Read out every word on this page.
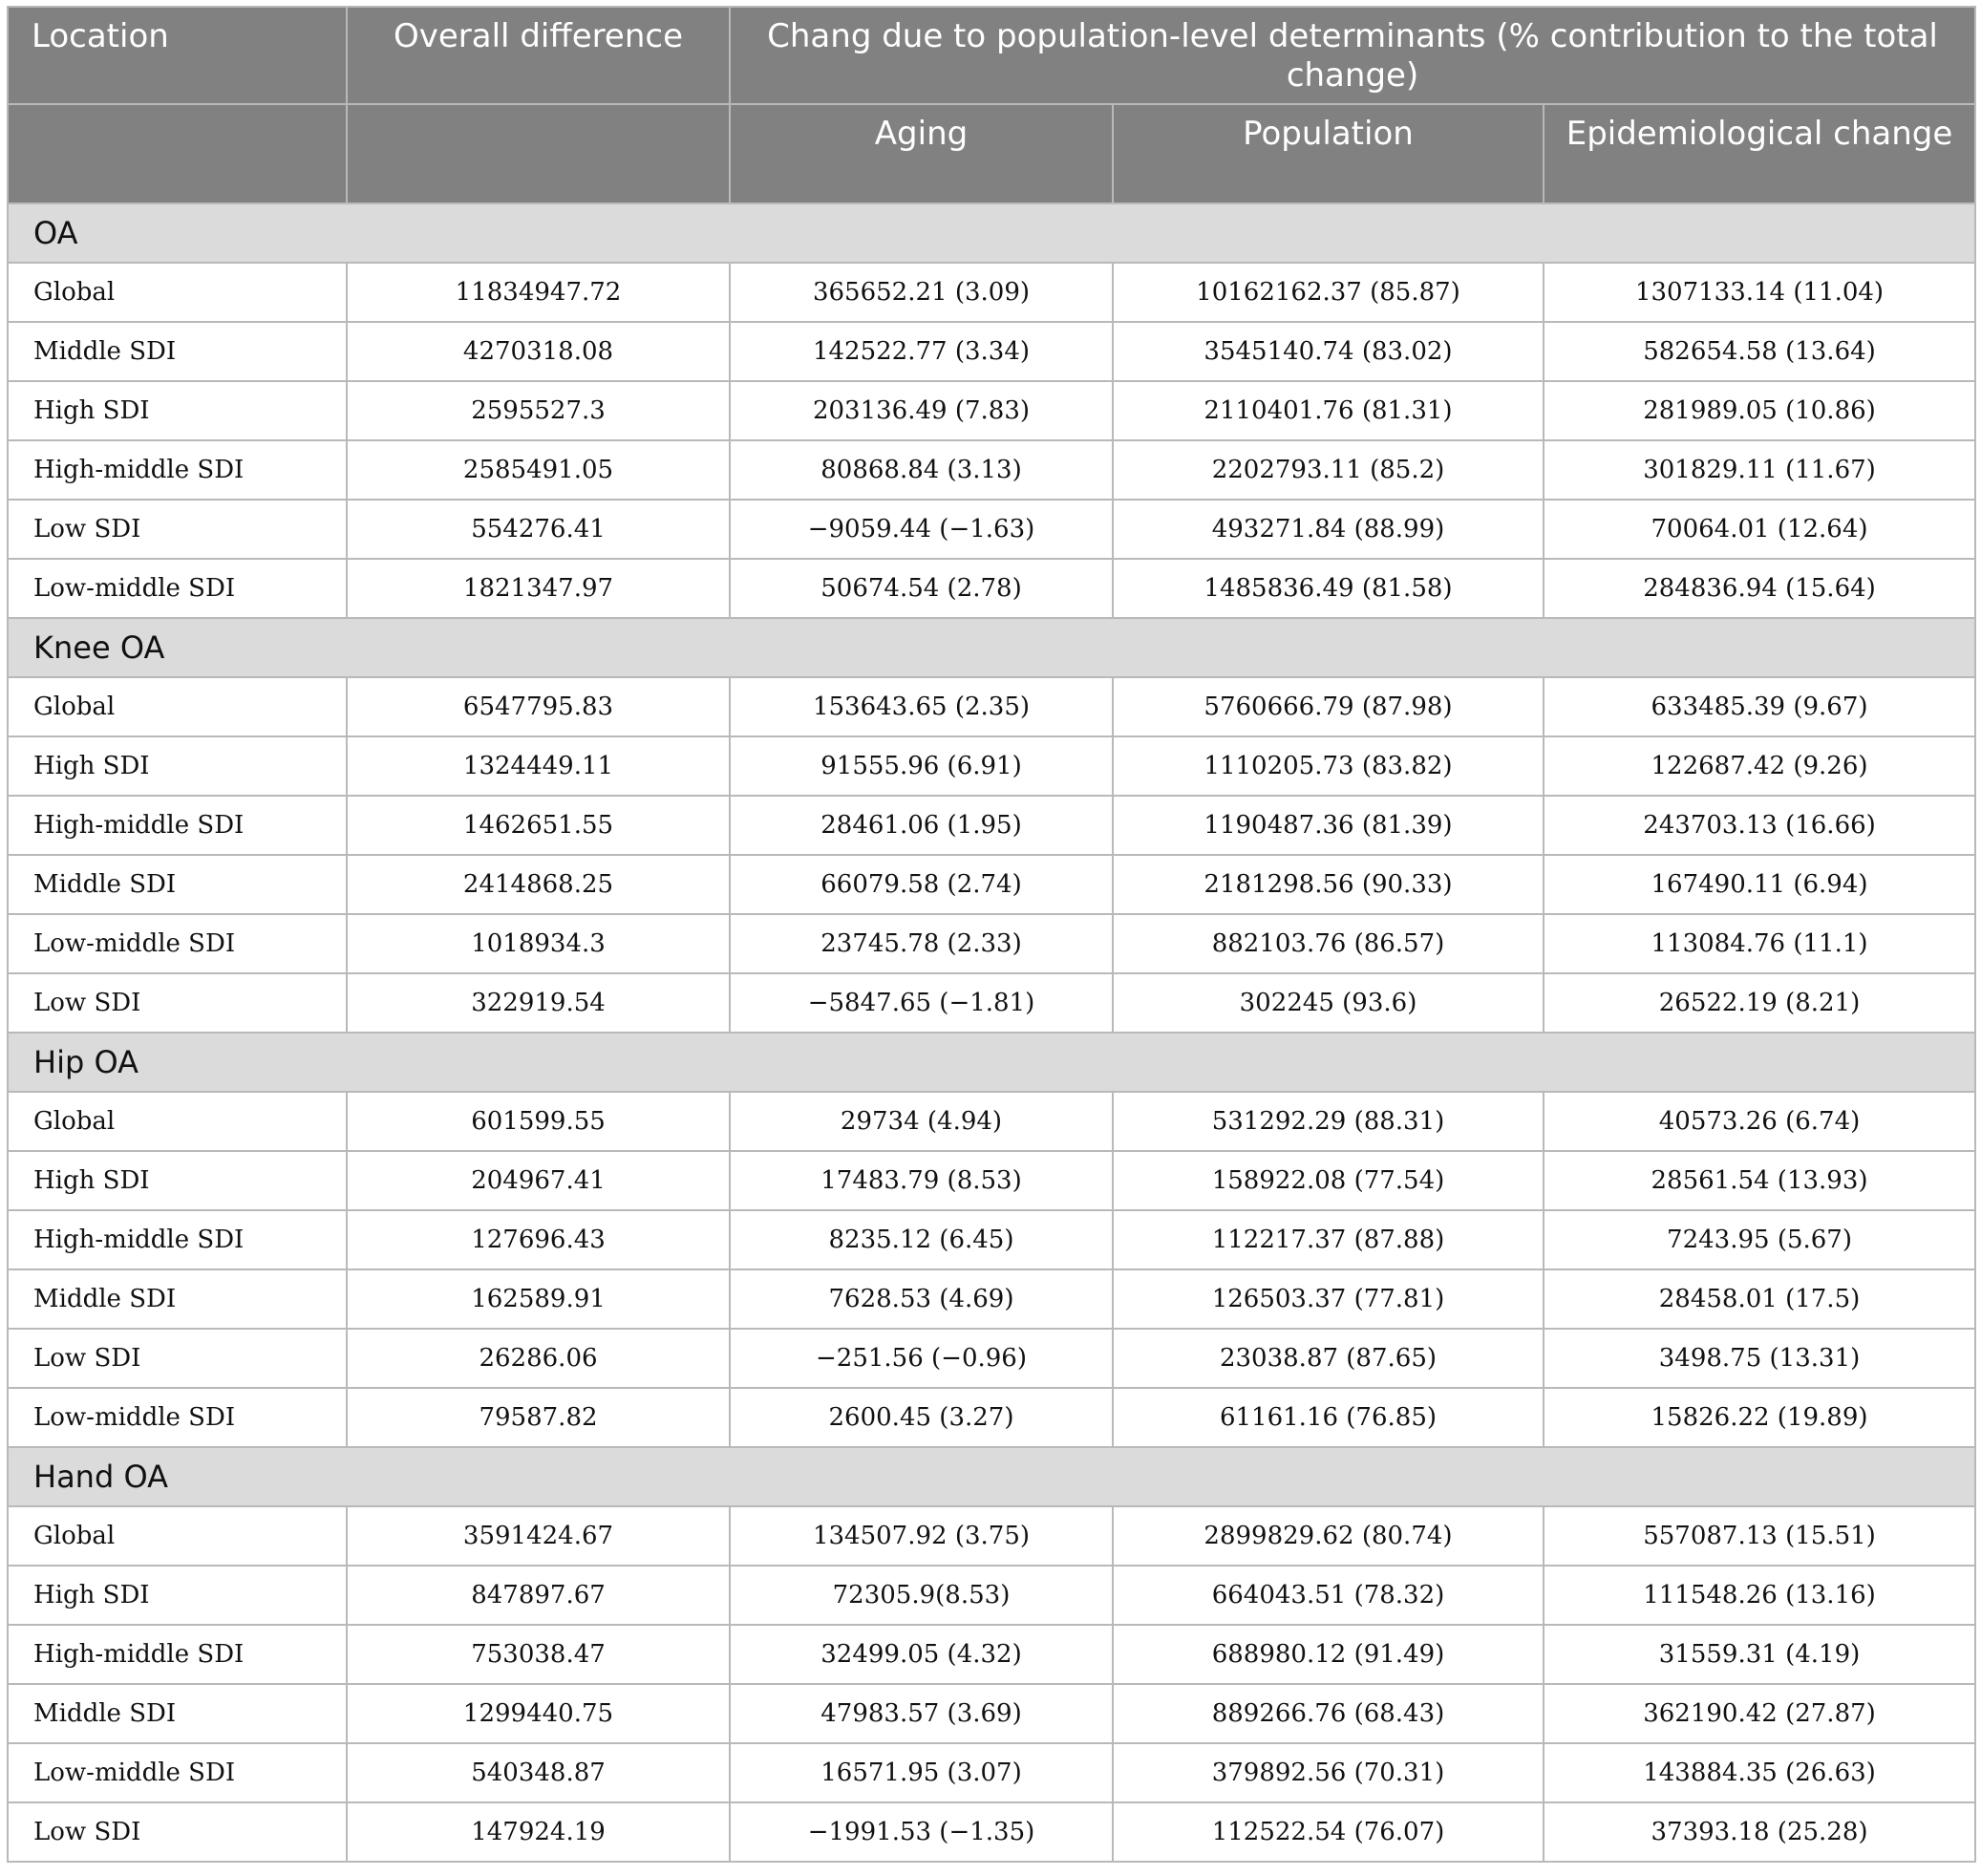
Location	Overall difference	Chang due to population-level determinants (% contribution to the total change)		
		Aging	Population	Epidemiological change
OA				
Global	11834947.72	365652.21 (3.09)	10162162.37 (85.87)	1307133.14 (11.04)
Middle SDI	4270318.08	142522.77 (3.34)	3545140.74 (83.02)	582654.58 (13.64)
High SDI	2595527.3	203136.49 (7.83)	2110401.76 (81.31)	281989.05 (10.86)
High-middle SDI	2585491.05	80868.84 (3.13)	2202793.11 (85.2)	301829.11 (11.67)
Low SDI	554276.41	−9059.44 (−1.63)	493271.84 (88.99)	70064.01 (12.64)
Low-middle SDI	1821347.97	50674.54 (2.78)	1485836.49 (81.58)	284836.94 (15.64)
Knee OA				
Global	6547795.83	153643.65 (2.35)	5760666.79 (87.98)	633485.39 (9.67)
High SDI	1324449.11	91555.96 (6.91)	1110205.73 (83.82)	122687.42 (9.26)
High-middle SDI	1462651.55	28461.06 (1.95)	1190487.36 (81.39)	243703.13 (16.66)
Middle SDI	2414868.25	66079.58 (2.74)	2181298.56 (90.33)	167490.11 (6.94)
Low-middle SDI	1018934.3	23745.78 (2.33)	882103.76 (86.57)	113084.76 (11.1)
Low SDI	322919.54	−5847.65 (−1.81)	302245 (93.6)	26522.19 (8.21)
Hip OA				
Global	601599.55	29734 (4.94)	531292.29 (88.31)	40573.26 (6.74)
High SDI	204967.41	17483.79 (8.53)	158922.08 (77.54)	28561.54 (13.93)
High-middle SDI	127696.43	8235.12 (6.45)	112217.37 (87.88)	7243.95 (5.67)
Middle SDI	162589.91	7628.53 (4.69)	126503.37 (77.81)	28458.01 (17.5)
Low SDI	26286.06	−251.56 (−0.96)	23038.87 (87.65)	3498.75 (13.31)
Low-middle SDI	79587.82	2600.45 (3.27)	61161.16 (76.85)	15826.22 (19.89)
Hand OA				
Global	3591424.67	134507.92 (3.75)	2899829.62 (80.74)	557087.13 (15.51)
High SDI	847897.67	72305.9(8.53)	664043.51 (78.32)	111548.26 (13.16)
High-middle SDI	753038.47	32499.05 (4.32)	688980.12 (91.49)	31559.31 (4.19)
Middle SDI	1299440.75	47983.57 (3.69)	889266.76 (68.43)	362190.42 (27.87)
Low-middle SDI	540348.87	16571.95 (3.07)	379892.56 (70.31)	143884.35 (26.63)
Low SDI	147924.19	−1991.53 (−1.35)	112522.54 (76.07)	37393.18 (25.28)
